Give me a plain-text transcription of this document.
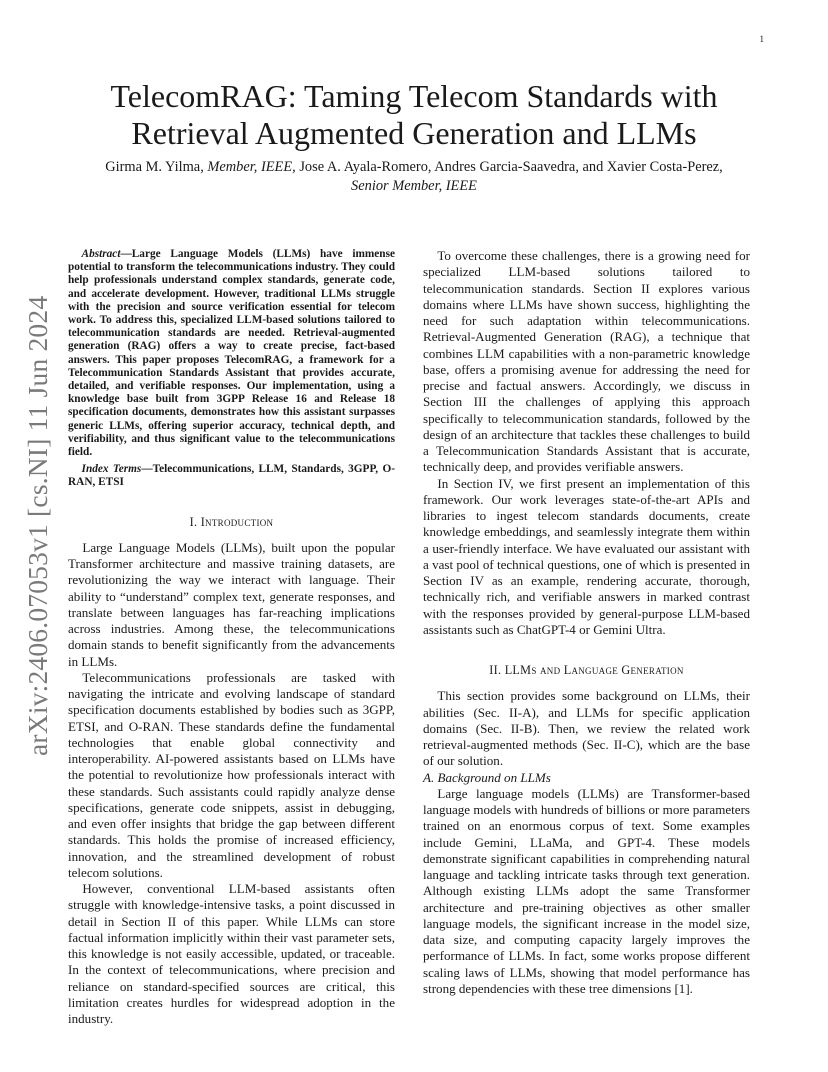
1
arXiv:2406.07053v1 [cs.NI] 11 Jun 2024
TelecomRAG: Taming Telecom Standards with Retrieval Augmented Generation and LLMs
Girma M. Yilma, Member, IEEE, Jose A. Ayala-Romero, Andres Garcia-Saavedra, and Xavier Costa-Perez, Senior Member, IEEE

Abstract—Large Language Models (LLMs) have immense potential to transform the telecommunications industry. They could help professionals understand complex standards, generate code, and accelerate development. However, traditional LLMs struggle with the precision and source verification essential for telecom work. To address this, specialized LLM-based solutions tailored to telecommunication standards are needed. Retrieval-augmented generation (RAG) offers a way to create precise, fact-based answers. This paper proposes TelecomRAG, a framework for a Telecommunication Standards Assistant that provides accurate, detailed, and verifiable responses. Our implementation, using a knowledge base built from 3GPP Release 16 and Release 18 specification documents, demonstrates how this assistant surpasses generic LLMs, offering superior accuracy, technical depth, and verifiability, and thus significant value to the telecommunications field.

Index Terms—Telecommunications, LLM, Standards, 3GPP, O-RAN, ETSI

I. Introduction

Large Language Models (LLMs), built upon the popular Transformer architecture and massive training datasets, are revolutionizing the way we interact with language. Their ability to “understand” complex text, generate responses, and translate between languages has far-reaching implications across industries. Among these, the telecommunications domain stands to benefit significantly from the advancements in LLMs.

Telecommunications professionals are tasked with navigating the intricate and evolving landscape of standard specification documents established by bodies such as 3GPP, ETSI, and O-RAN. These standards define the fundamental technologies that enable global connectivity and interoperability. AI-powered assistants based on LLMs have the potential to revolutionize how professionals interact with these standards. Such assistants could rapidly analyze dense specifications, generate code snippets, assist in debugging, and even offer insights that bridge the gap between different standards. This holds the promise of increased efficiency, innovation, and the streamlined development of robust telecom solutions.

However, conventional LLM-based assistants often struggle with knowledge-intensive tasks, a point discussed in detail in Section II of this paper. While LLMs can store factual information implicitly within their vast parameter sets, this knowledge is not easily accessible, updated, or traceable. In the context of telecommunications, where precision and reliance on standard-specified sources are critical, this limitation creates hurdles for widespread adoption in the industry.

To overcome these challenges, there is a growing need for specialized LLM-based solutions tailored to telecommunication standards. Section II explores various domains where LLMs have shown success, highlighting the need for such adaptation within telecommunications. Retrieval-Augmented Generation (RAG), a technique that combines LLM capabilities with a non-parametric knowledge base, offers a promising avenue for addressing the need for precise and factual answers. Accordingly, we discuss in Section III the challenges of applying this approach specifically to telecommunication standards, followed by the design of an architecture that tackles these challenges to build a Telecommunication Standards Assistant that is accurate, technically deep, and provides verifiable answers.

In Section IV, we first present an implementation of this framework. Our work leverages state-of-the-art APIs and libraries to ingest telecom standards documents, create knowledge embeddings, and seamlessly integrate them within a user-friendly interface. We have evaluated our assistant with a vast pool of technical questions, one of which is presented in Section IV as an example, rendering accurate, thorough, technically rich, and verifiable answers in marked contrast with the responses provided by general-purpose LLM-based assistants such as ChatGPT-4 or Gemini Ultra.

II. LLMs and Language Generation

This section provides some background on LLMs, their abilities (Sec. II-A), and LLMs for specific application domains (Sec. II-B). Then, we review the related work retrieval-augmented methods (Sec. II-C), which are the base of our solution.

A. Background on LLMs

Large language models (LLMs) are Transformer-based language models with hundreds of billions or more parameters trained on an enormous corpus of text. Some examples include Gemini, LLaMa, and GPT-4. These models demonstrate significant capabilities in comprehending natural language and tackling intricate tasks through text generation. Although existing LLMs adopt the same Transformer architecture and pre-training objectives as other smaller language models, the significant increase in the model size, data size, and computing capacity largely improves the performance of LLMs. In fact, some works propose different scaling laws of LLMs, showing that model performance has strong dependencies with these tree dimensions [1].
